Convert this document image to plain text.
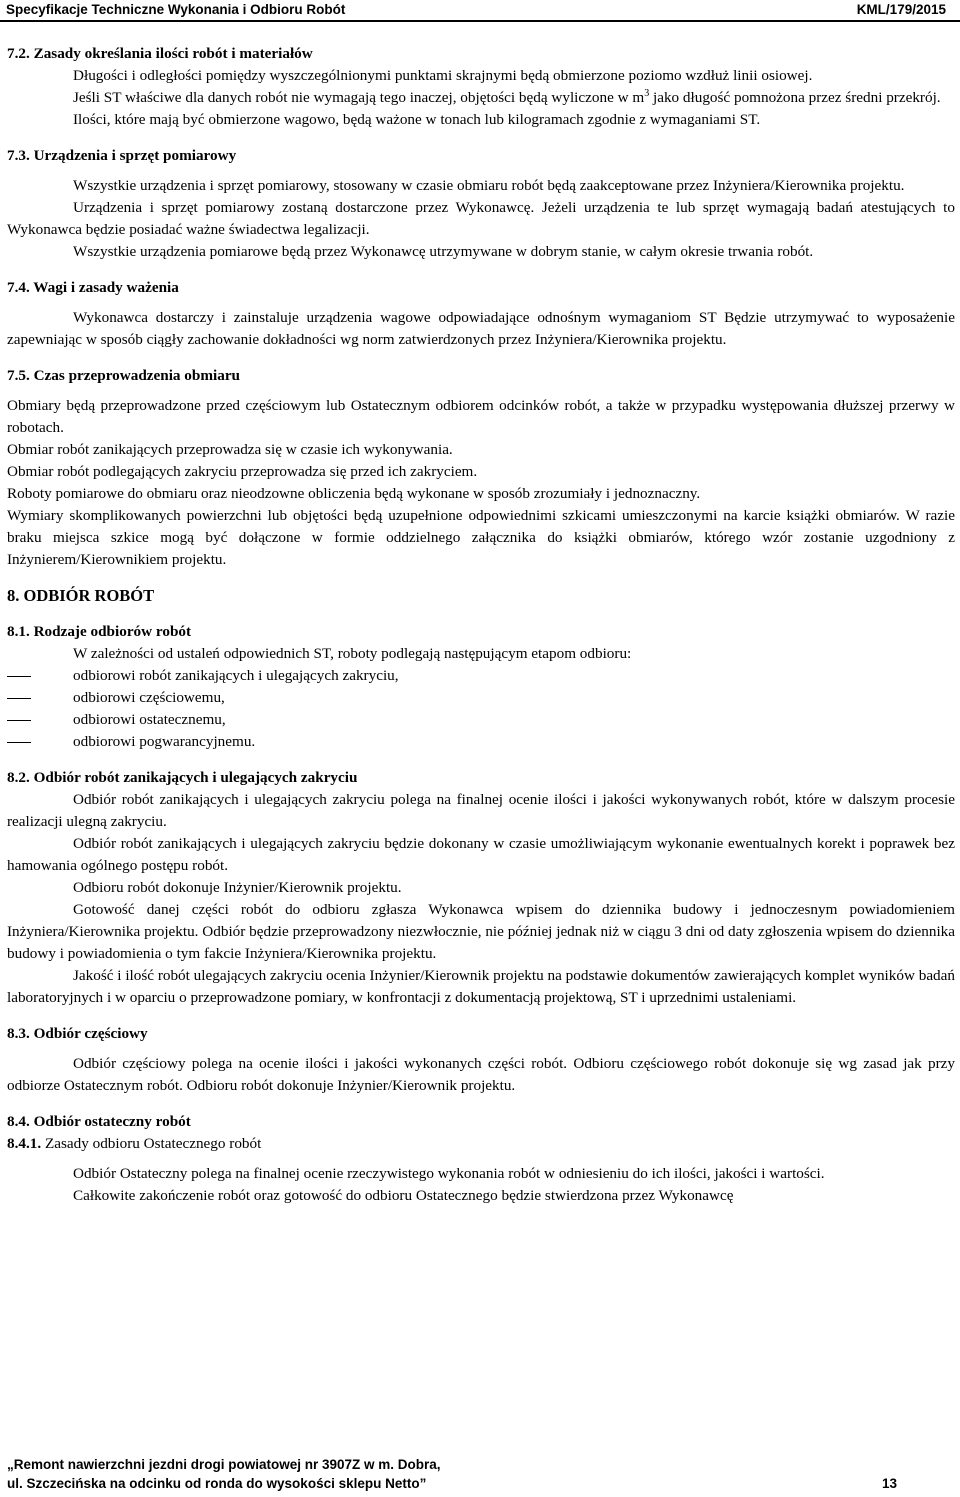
Specyfikacje Techniczne Wykonania i Odbioru Robót	KML/179/2015
7.2. Zasady określania ilości robót i materiałów

Długości i odległości pomiędzy wyszczególnionymi punktami skrajnymi będą obmierzone poziomo wzdłuż linii osiowej.

Jeśli ST właściwe dla danych robót nie wymagają tego inaczej, objętości będą wyliczone w $m^3$ jako długość pomnożona przez średni przekrój.

Ilości, które mają być obmierzone wagowo, będą ważone w tonach lub kilogramach zgodnie z wymaganiami ST.

7.3. Urządzenia i sprzęt pomiarowy

Wszystkie urządzenia i sprzęt pomiarowy, stosowany w czasie obmiaru robót będą zaakceptowane przez Inżyniera/Kierownika projektu.

Urządzenia i sprzęt pomiarowy zostaną dostarczone przez Wykonawcę. Jeżeli urządzenia te lub sprzęt wymagają badań atestujących to Wykonawca będzie posiadać ważne świadectwa legalizacji.

Wszystkie urządzenia pomiarowe będą przez Wykonawcę utrzymywane w dobrym stanie, w całym okresie trwania robót.

7.4. Wagi i zasady ważenia

Wykonawca dostarczy i zainstaluje urządzenia wagowe odpowiadające odnośnym wymaganiom ST Będzie utrzymywać to wyposażenie zapewniając w sposób ciągły zachowanie dokładności wg norm zatwierdzonych przez Inżyniera/Kierownika projektu.

7.5. Czas przeprowadzenia obmiaru

Obmiary będą przeprowadzone przed częściowym lub Ostatecznym odbiorem odcinków robót, a także w przypadku występowania dłuższej przerwy w robotach.

Obmiar robót zanikających przeprowadza się w czasie ich wykonywania.

Obmiar robót podlegających zakryciu przeprowadza się przed ich zakryciem.

Roboty pomiarowe do obmiaru oraz nieodzowne obliczenia będą wykonane w sposób zrozumiały i jednoznaczny.

Wymiary skomplikowanych powierzchni lub objętości będą uzupełnione odpowiednimi szkicami umieszczonymi na karcie książki obmiarów. W razie braku miejsca szkice mogą być dołączone w formie oddzielnego załącznika do książki obmiarów, którego wzór zostanie uzgodniony z Inżynierem/Kierownikiem projektu.

8. ODBIÓR ROBÓT
8.1. Rodzaje odbiorów robót

W zależności od ustaleń odpowiednich ST, roboty podlegają następującym etapom odbioru:

odbiorowi robót zanikających i ulegających zakryciu,
odbiorowi częściowemu,
odbiorowi ostatecznemu,
odbiorowi pogwarancyjnemu.
8.2. Odbiór robót zanikających i ulegających zakryciu

Odbiór robót zanikających i ulegających zakryciu polega na finalnej ocenie ilości i jakości wykonywanych robót, które w dalszym procesie realizacji ulegną zakryciu.

Odbiór robót zanikających i ulegających zakryciu będzie dokonany w czasie umożliwiającym wykonanie ewentualnych korekt i poprawek bez hamowania ogólnego postępu robót.

Odbioru robót dokonuje Inżynier/Kierownik projektu.

Gotowość danej części robót do odbioru zgłasza Wykonawca wpisem do dziennika budowy i jednoczesnym powiadomieniem Inżyniera/Kierownika projektu. Odbiór będzie przeprowadzony niezwłocznie, nie później jednak niż w ciągu 3 dni od daty zgłoszenia wpisem do dziennika budowy i powiadomienia o tym fakcie Inżyniera/Kierownika projektu.

Jakość i ilość robót ulegających zakryciu ocenia Inżynier/Kierownik projektu na podstawie dokumentów zawierających komplet wyników badań laboratoryjnych i w oparciu o przeprowadzone pomiary, w konfrontacji z dokumentacją projektową, ST i uprzednimi ustaleniami.

8.3. Odbiór częściowy

Odbiór częściowy polega na ocenie ilości i jakości wykonanych części robót. Odbioru częściowego robót dokonuje się wg zasad jak przy odbiorze Ostatecznym robót. Odbioru robót dokonuje Inżynier/Kierownik projektu.

8.4. Odbiór ostateczny robót
8.4.1. Zasady odbioru Ostatecznego robót

Odbiór Ostateczny polega na finalnej ocenie rzeczywistego wykonania robót w odniesieniu do ich ilości, jakości i wartości.

Całkowite zakończenie robót oraz gotowość do odbioru Ostatecznego będzie stwierdzona przez Wykonawcę

„Remont nawierzchni jezdni drogi powiatowej nr 3907Z w m. Dobra,
ul. Szczecińska na odcinku od ronda do wysokości sklepu Netto”	13
